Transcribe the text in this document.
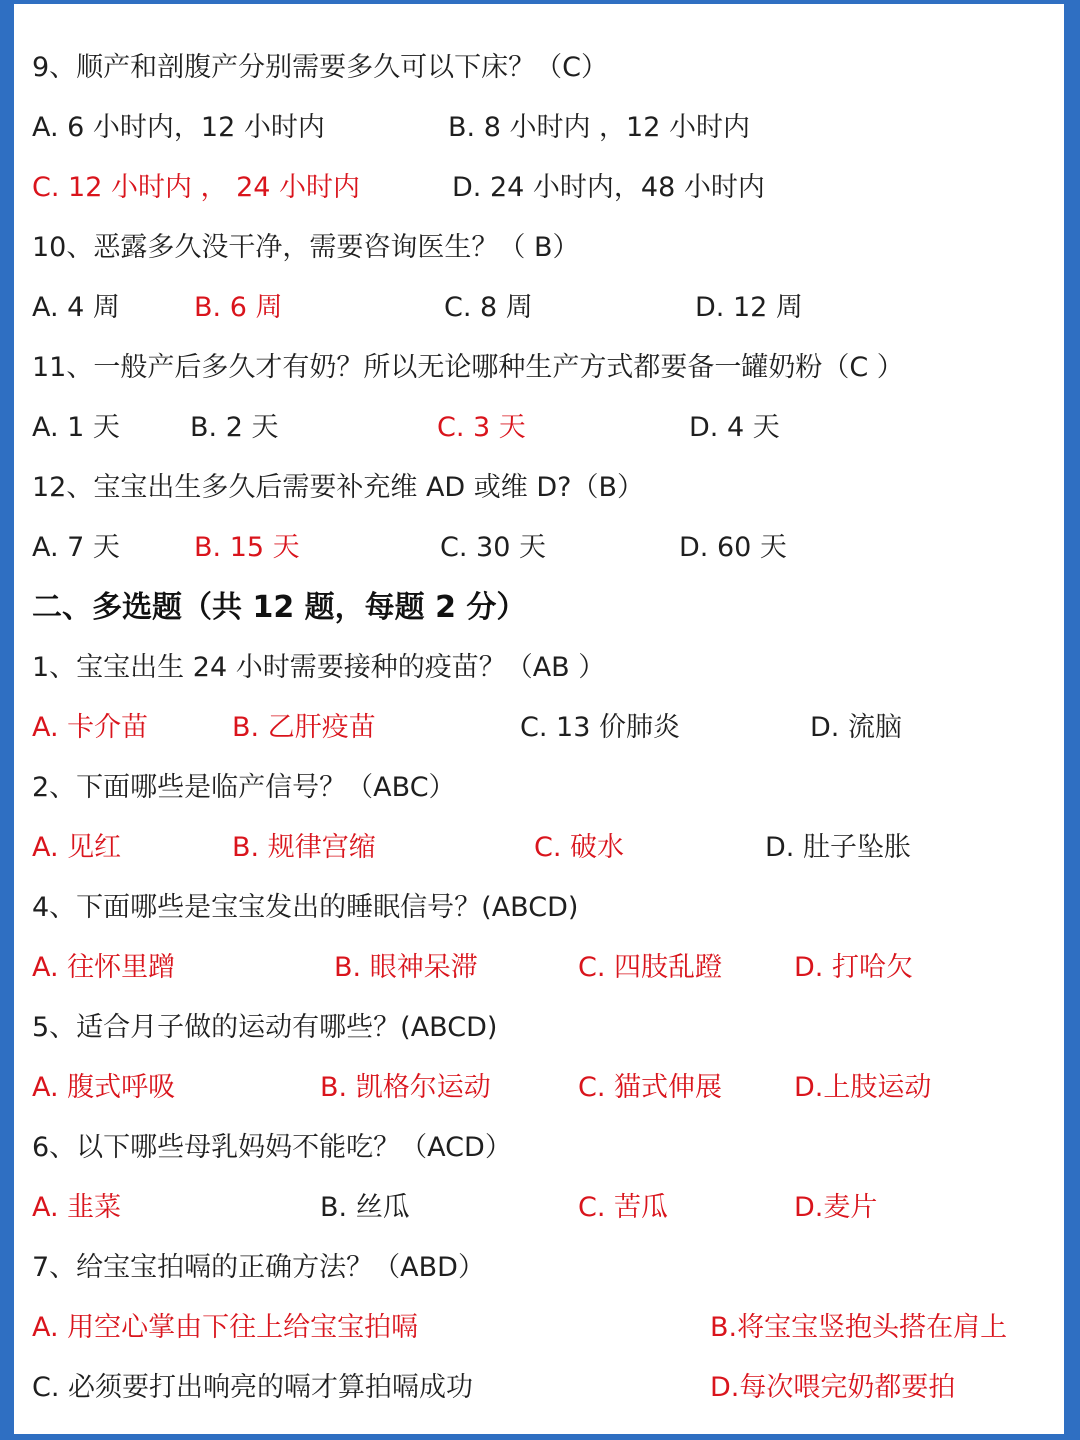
9、顺产和剖腹产分别需要多久可以下床？（C）
A. 6 小时内，12 小时内	B. 8 小时内 ，12 小时内
C. 12 小时内 ， 24 小时内	D. 24 小时内，48 小时内
10、恶露多久没干净，需要咨询医生？（ B）
A. 4 周	B. 6 周	C. 8 周	D. 12 周
11、一般产后多久才有奶？所以无论哪种生产方式都要备一罐奶粉（C ）
A. 1 天	B. 2 天	C. 3 天	D. 4 天
12、宝宝出生多久后需要补充维 AD 或维 D?（B）
A. 7 天	B. 15 天	C. 30 天	D. 60 天
二、多选题（共 12 题，每题 2 分）
1、宝宝出生 24 小时需要接种的疫苗？（AB ）
A. 卡介苗	B. 乙肝疫苗	C. 13 价肺炎	D. 流脑
2、下面哪些是临产信号？（ABC）
A. 见红	B. 规律宫缩	C. 破水	D. 肚子坠胀
4、下面哪些是宝宝发出的睡眠信号？(ABCD)
A. 往怀里蹭	B. 眼神呆滞	C. 四肢乱蹬	D. 打哈欠
5、适合月子做的运动有哪些？(ABCD)
A. 腹式呼吸	B. 凯格尔运动	C. 猫式伸展	D.上肢运动
6、以下哪些母乳妈妈不能吃？（ACD）
A. 韭菜	B. 丝瓜	C. 苦瓜	D.麦片
7、给宝宝拍嗝的正确方法？（ABD）
A. 用空心掌由下往上给宝宝拍嗝	B.将宝宝竖抱头搭在肩上
C. 必须要打出响亮的嗝才算拍嗝成功	D.每次喂完奶都要拍
